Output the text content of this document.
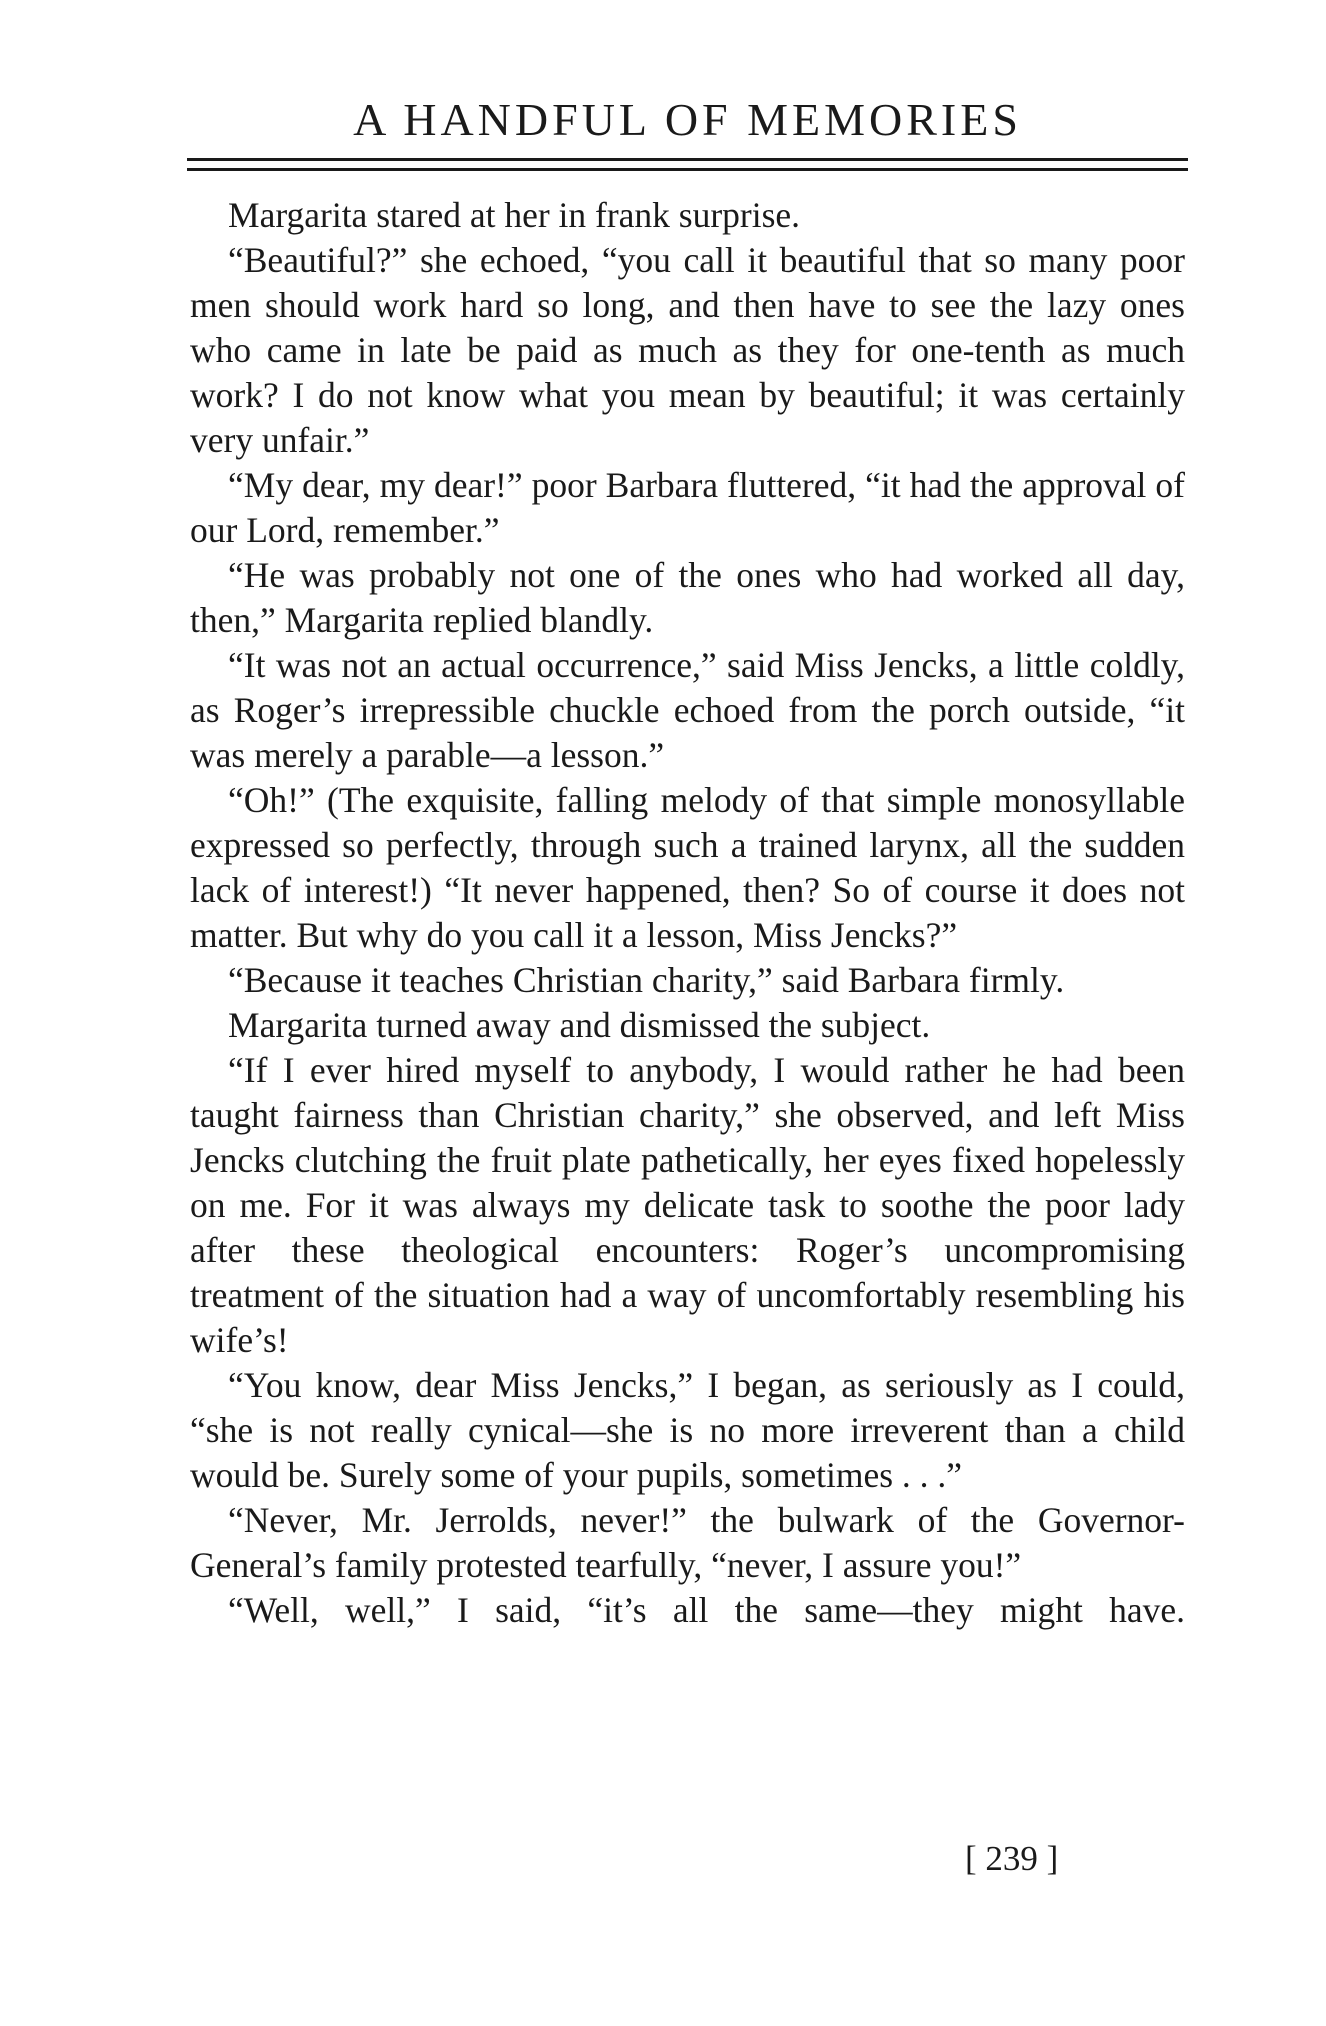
A HANDFUL OF MEMORIES

Margarita stared at her in frank surprise.

“Beautiful?” she echoed, “you call it beautiful that so many poor men should work hard so long, and then have to see the lazy ones who came in late be paid as much as they for one-tenth as much work? I do not know what you mean by beautiful; it was certainly very unfair.”

“My dear, my dear!” poor Barbara fluttered, “it had the approval of our Lord, remember.”

“He was probably not one of the ones who had worked all day, then,” Margarita replied blandly.

“It was not an actual occurrence,” said Miss Jencks, a little coldly, as Roger’s irrepressible chuckle echoed from the porch outside, “it was merely a parable—a lesson.”

“Oh!” (The exquisite, falling melody of that simple monosyllable expressed so perfectly, through such a trained larynx, all the sudden lack of interest!) “It never happened, then? So of course it does not matter. But why do you call it a lesson, Miss Jencks?”

“Because it teaches Christian charity,” said Barbara firmly.

Margarita turned away and dismissed the subject.

“If I ever hired myself to anybody, I would rather he had been taught fairness than Christian charity,” she observed, and left Miss Jencks clutching the fruit plate pathetically, her eyes fixed hopelessly on me. For it was always my delicate task to soothe the poor lady after these theological encounters: Roger’s uncompromising treatment of the situation had a way of uncomfortably resembling his wife’s!

“You know, dear Miss Jencks,” I began, as seriously as I could, “she is not really cynical—she is no more irreverent than a child would be. Surely some of your pupils, sometimes . . .”

“Never, Mr. Jerrolds, never!” the bulwark of the Governor-General’s family protested tearfully, “never, I assure you!”

“Well, well,” I said, “it’s all the same—they might have.

[ 239 ]
